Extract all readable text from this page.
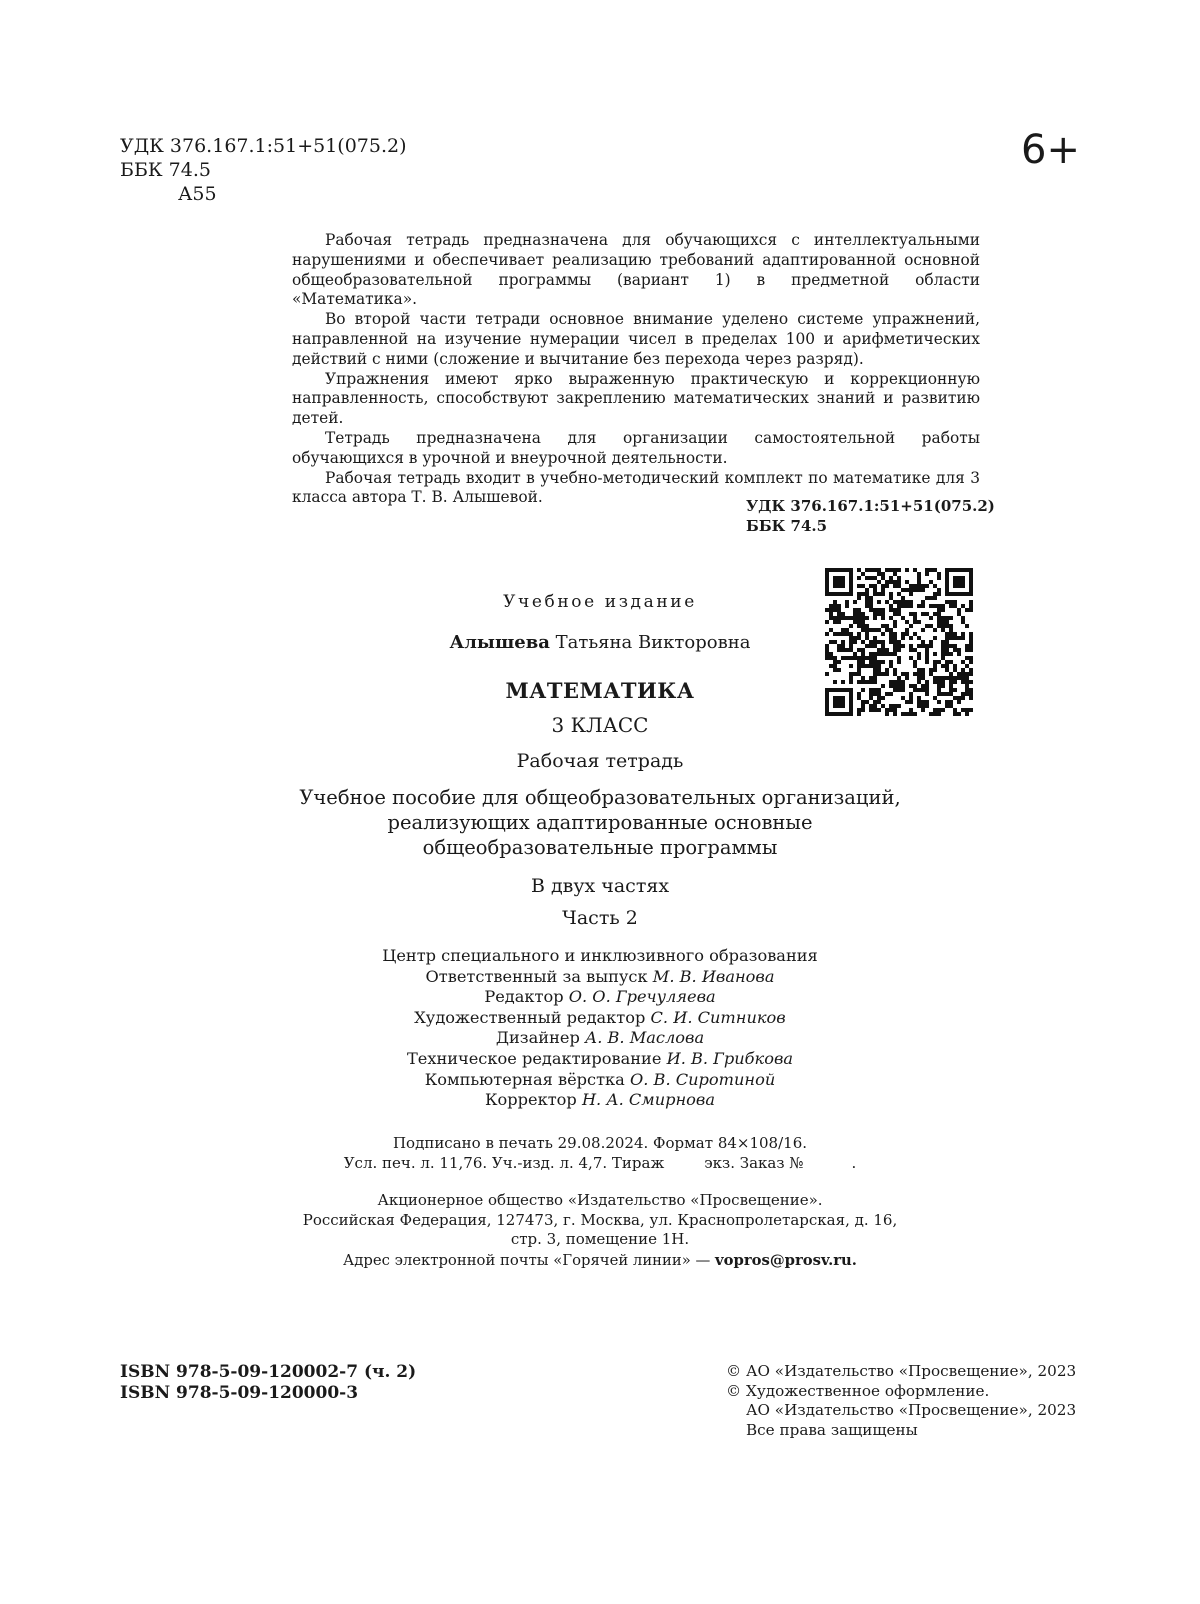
УДК 376.167.1:51+51(075.2)
ББК 74.5
А55
6+

Рабочая тетрадь предназначена для обучающихся с интеллектуальными нарушениями и обеспечивает реализацию требований адаптированной основной общеобразовательной программы (вариант 1) в предметной области «Математика».

Во второй части тетради основное внимание уделено системе упражнений, направленной на изучение нумерации чисел в пределах 100 и арифметических действий с ними (сложение и вычитание без перехода через разряд).

Упражнения имеют ярко выраженную практическую и коррекционную направленность, способствуют закреплению математических знаний и развитию детей.

Тетрадь предназначена для организации самостоятельной работы обучающихся в урочной и внеурочной деятельности.

Рабочая тетрадь входит в учебно-методический комплект по математике для 3 класса автора Т. В. Алышевой.	УДК 376.167.1:51+51(075.2)
ББК 74.5
Учебное издание
Алышева Татьяна Викторовна
МАТЕМАТИКА
3 КЛАСС
Рабочая тетрадь
Учебное пособие для общеобразовательных организаций,
реализующих адаптированные основные
общеобразовательные программы
В двух частях
Часть 2
Центр специального и инклюзивного образования
Ответственный за выпуск М. В. Иванова
Редактор О. О. Гречуляева
Художественный редактор С. И. Ситников
Дизайнер А. В. Маслова
Техническое редактирование И. В. Грибкова
Компьютерная вёрстка О. В. Сиротиной
Корректор Н. А. Смирнова
Подписано в печать 29.08.2024. Формат 84×108/16.
Усл. печ. л. 11,76. Уч.-изд. л. 4,7. Тираж	экз. Заказ №	.
Акционерное общество «Издательство «Просвещение».
Российская Федерация, 127473, г. Москва, ул. Краснопролетарская, д. 16,
стр. 3, помещение 1Н.
Адрес электронной почты «Горячей линии» — vopros@prosv.ru.
ISBN 978-5-09-120002-7 (ч. 2)
ISBN 978-5-09-120000-3
© АО «Издательство «Просвещение», 2023
© Художественное оформление.
АО «Издательство «Просвещение», 2023
Все права защищены
